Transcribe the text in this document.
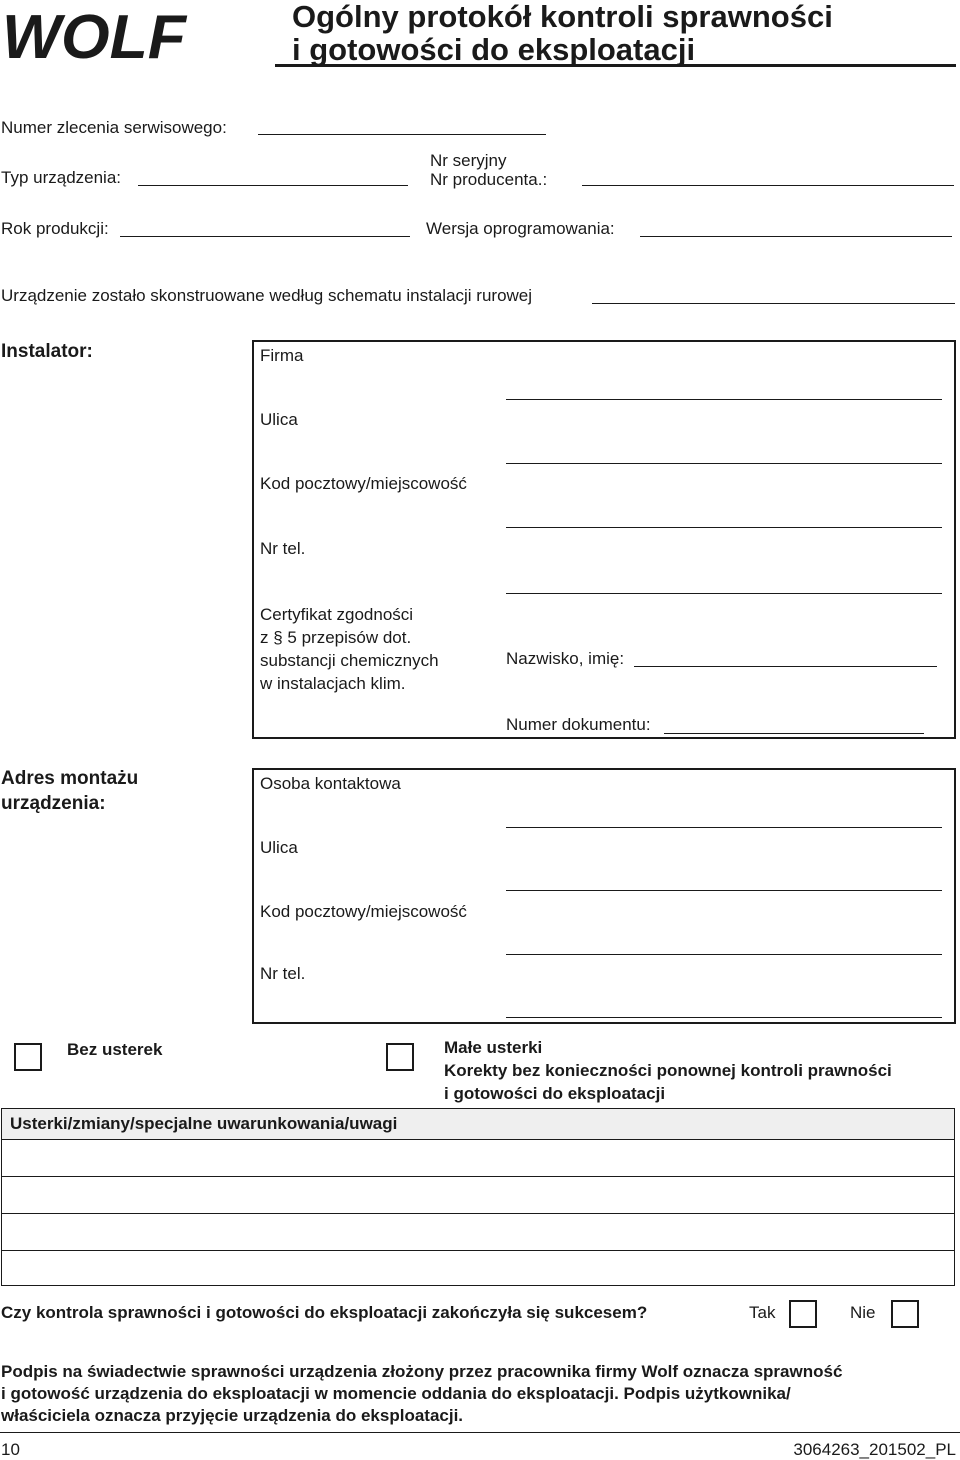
WOLF	Ogólny protokół kontroli sprawności
i gotowości do eksploatacji
Numer zlecenia serwisowego:
Typ urządzenia:
Nr seryjny
Nr producenta.:
Rok produkcji:	Wersja oprogramowania:
Urządzenie zostało skonstruowane według schematu instalacji rurowej
Instalator:	Firma
Ulica
Kod pocztowy/miejscowość
Nr tel.
Certyfikat zgodności
z § 5 przepisów dot.
substancji chemicznych
w instalacjach klim.
Nazwisko, imię:
Numer dokumentu:
Adres montażu
urządzenia:
Osoba kontaktowa
Ulica
Kod pocztowy/miejscowość
Nr tel.
Bez usterek	Małe usterki
Korekty bez konieczności ponownej kontroli prawności
i gotowości do eksploatacji
Usterki/zmiany/specjalne uwarunkowania/uwagi
Czy kontrola sprawności i gotowości do eksploatacji zakończyła się sukcesem?	Tak	Nie
Podpis na świadectwie sprawności urządzenia złożony przez pracownika firmy Wolf oznacza sprawność
i gotowość urządzenia do eksploatacji w momencie oddania do eksploatacji. Podpis użytkownika/
właściciela oznacza przyjęcie urządzenia do eksploatacji.
10	3064263_201502_PL
